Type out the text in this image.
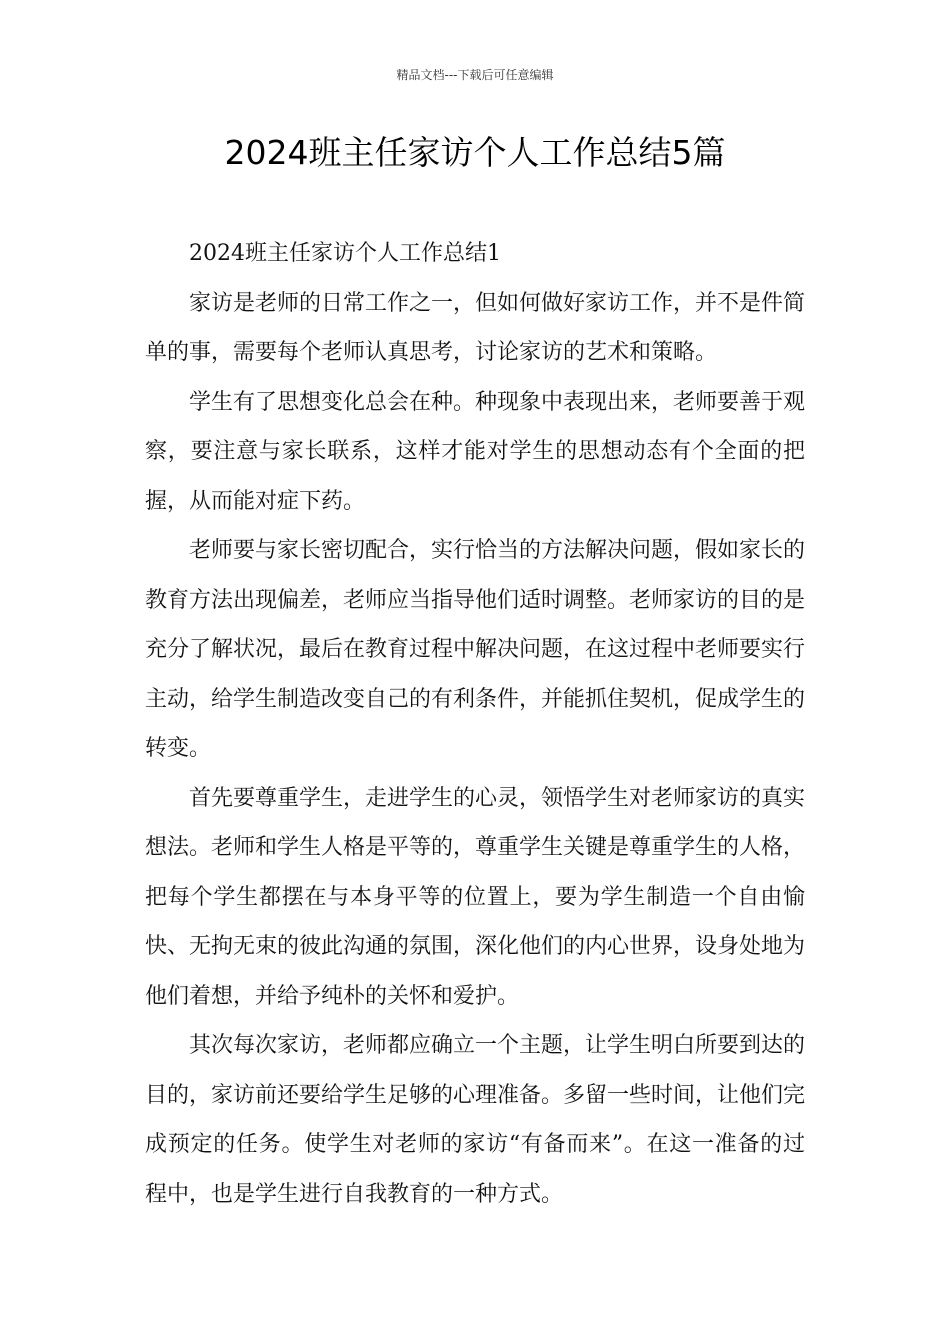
精品文档---下载后可任意编辑
2024班主任家访个人工作总结5篇

2024班主任家访个人工作总结1

家访是老师的日常工作之一，但如何做好家访工作，并不是件简单的事，需要每个老师认真思考，讨论家访的艺术和策略。

学生有了思想变化总会在种。种现象中表现出来，老师要善于观察，要注意与家长联系，这样才能对学生的思想动态有个全面的把握，从而能对症下药。

老师要与家长密切配合，实行恰当的方法解决问题，假如家长的教育方法出现偏差，老师应当指导他们适时调整。老师家访的目的是充分了解状况，最后在教育过程中解决问题，在这过程中老师要实行主动，给学生制造改变自己的有利条件，并能抓住契机，促成学生的转变。

首先要尊重学生，走进学生的心灵，领悟学生对老师家访的真实想法。老师和学生人格是平等的，尊重学生关键是尊重学生的人格，把每个学生都摆在与本身平等的位置上，要为学生制造一个自由愉快、无拘无束的彼此沟通的氛围，深化他们的内心世界，设身处地为他们着想，并给予纯朴的关怀和爱护。

其次每次家访，老师都应确立一个主题，让学生明白所要到达的目的，家访前还要给学生足够的心理准备。多留一些时间，让他们完成预定的任务。使学生对老师的家访“有备而来”。在这一准备的过程中，也是学生进行自我教育的一种方式。
